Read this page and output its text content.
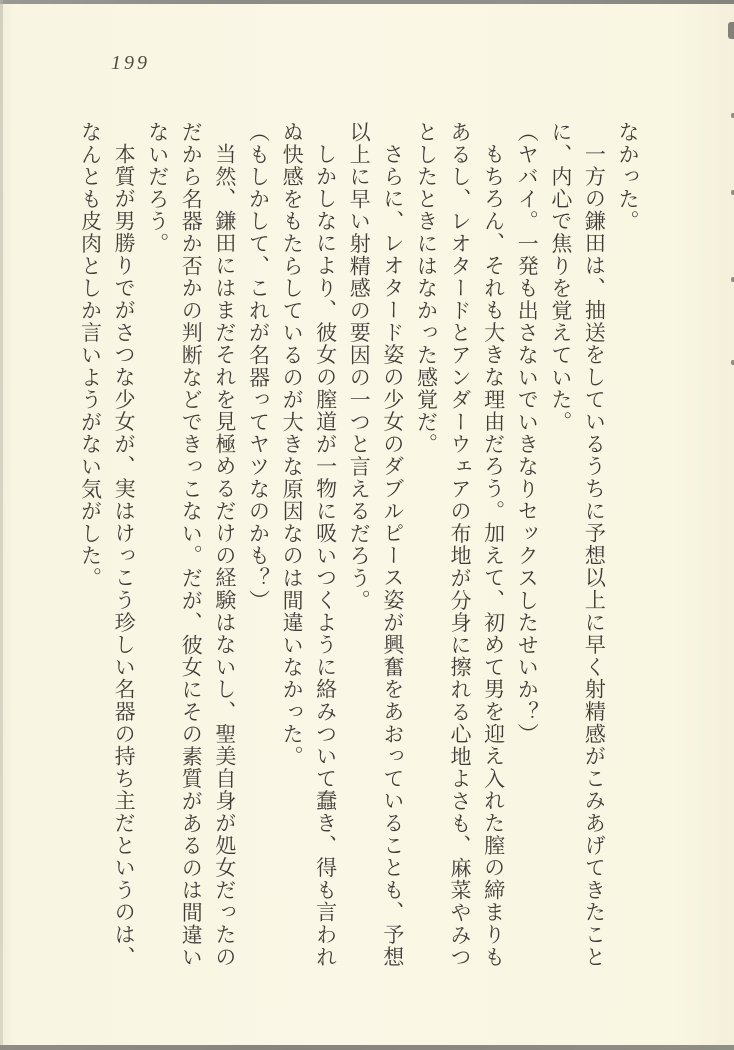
199

なかった。

一方の鎌田は、抽送をしているうちに予想以上に早く射精感がこみあげてきたことに、内心で焦りを覚えていた。

（ヤバイ。一発も出さないでいきなりセックスしたせいか？）

もちろん、それも大きな理由だろう。加えて、初めて男を迎え入れた膣の締まりもあるし、レオタードとアンダーウェアの布地が分身に擦れる心地よさも、麻菜やみつとしたときにはなかった感覚だ。

さらに、レオタード姿の少女のダブルピース姿が興奮をあおっていることも、予想以上に早い射精感の要因の一つと言えるだろう。

しかしなにより、彼女の膣道が一物に吸いつくように絡みついて蠢き、得も言われぬ快感をもたらしているのが大きな原因なのは間違いなかった。

（もしかして、これが名器ってヤツなのかも？）

当然、鎌田にはまだそれを見極めるだけの経験はないし、聖美自身が処女だったのだから名器か否かの判断などできっこない。だが、彼女にその素質があるのは間違いないだろう。

本質が男勝りでがさつな少女が、実はけっこう珍しい名器の持ち主だというのは、なんとも皮肉としか言いようがない気がした。
